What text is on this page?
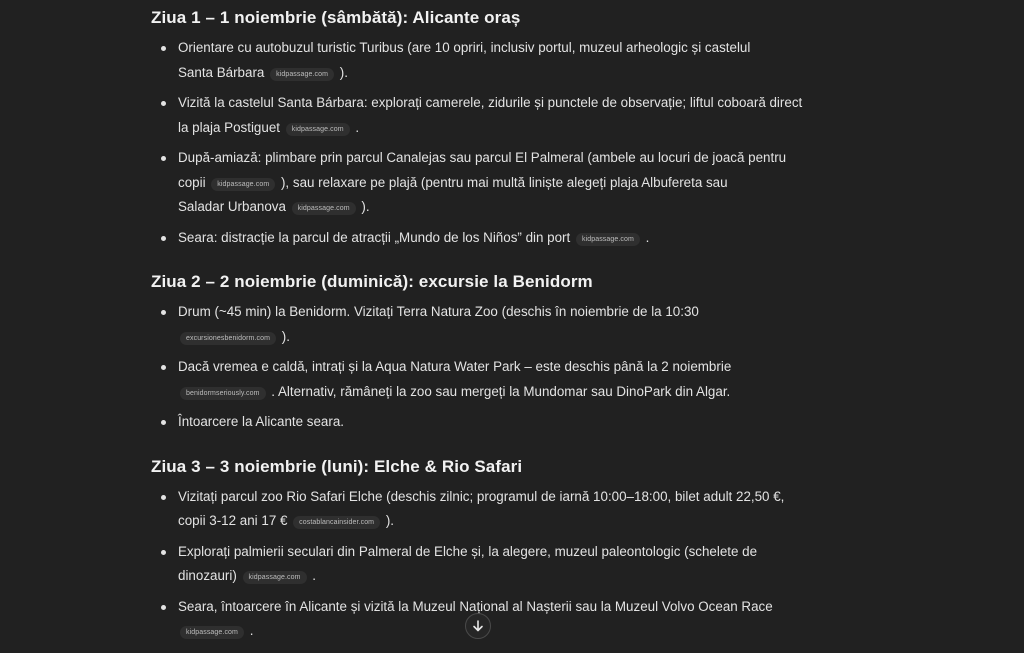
Ziua 1 – 1 noiembrie (sâmbătă): Alicante oraș
Orientare cu autobuzul turistic Turibus (are 10 opriri, inclusiv portul, muzeul arheologic și castelul
Santa Bárbara kidpassage.com ).
Vizită la castelul Santa Bárbara: explorați camerele, zidurile și punctele de observație; liftul coboară direct
la plaja Postiguet kidpassage.com .
După-amiază: plimbare prin parcul Canalejas sau parcul El Palmeral (ambele au locuri de joacă pentru
copii kidpassage.com ), sau relaxare pe plajă (pentru mai multă liniște alegeți plaja Albufereta sau
Saladar Urbanova kidpassage.com ).
Seara: distracție la parcul de atracții „Mundo de los Niños” din port kidpassage.com .
Ziua 2 – 2 noiembrie (duminică): excursie la Benidorm
Drum (~45 min) la Benidorm. Vizitați Terra Natura Zoo (deschis în noiembrie de la 10:30
excursionesbenidorm.com ).
Dacă vremea e caldă, intrați și la Aqua Natura Water Park – este deschis până la 2 noiembrie
benidormseriously.com . Alternativ, rămâneți la zoo sau mergeți la Mundomar sau DinoPark din Algar.
Întoarcere la Alicante seara.
Ziua 3 – 3 noiembrie (luni): Elche & Rio Safari
Vizitați parcul zoo Rio Safari Elche (deschis zilnic; programul de iarnă 10:00–18:00, bilet adult 22,50 €,
copii 3-12 ani 17 € costablancainsider.com ).
Explorați palmierii seculari din Palmeral de Elche și, la alegere, muzeul paleontologic (schelete de
dinozauri) kidpassage.com .
Seara, întoarcere în Alicante și vizită la Muzeul Național al Nașterii sau la Muzeul Volvo Ocean Race
kidpassage.com .
